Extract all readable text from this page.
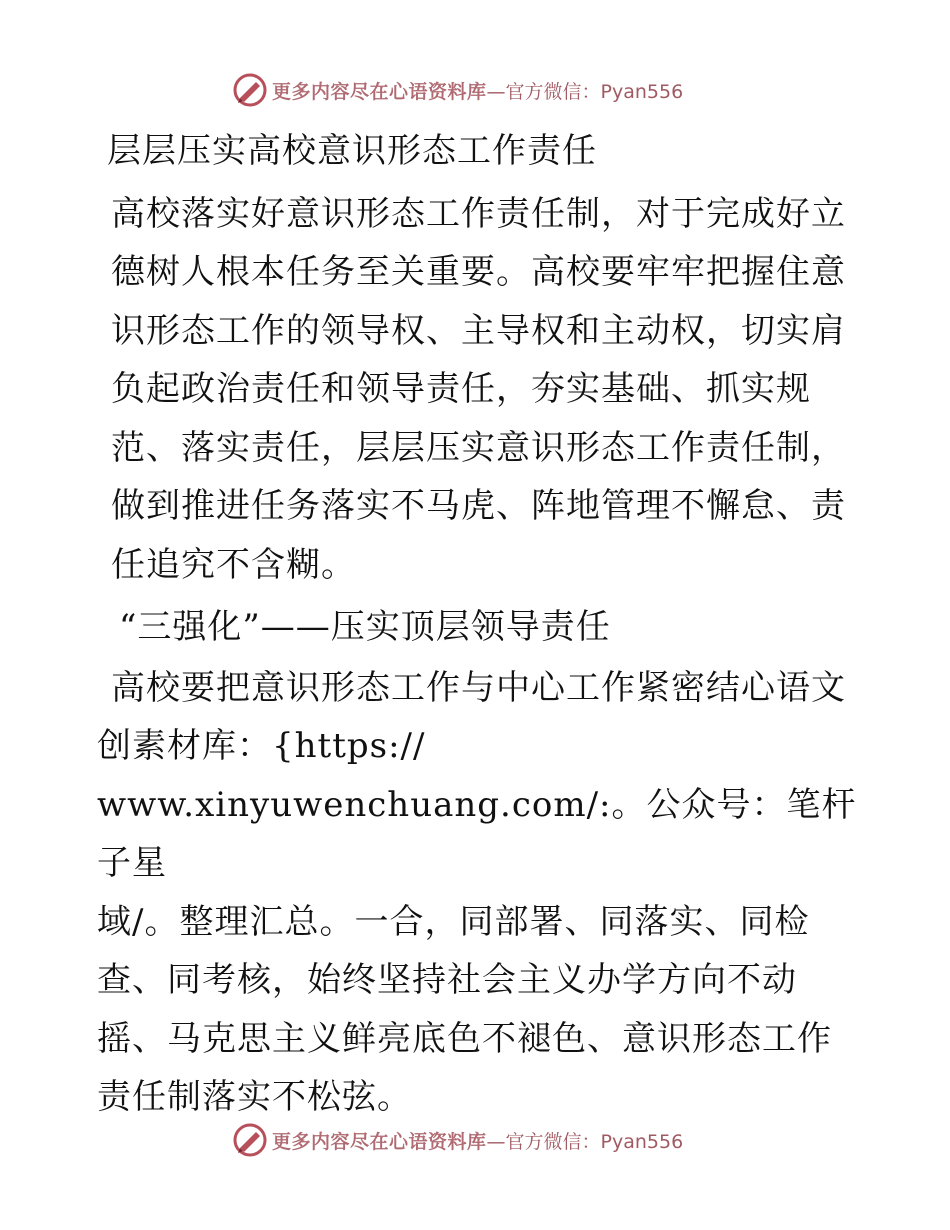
更多内容尽在心语资料库 —官方微信：Pyan556

层层压实高校意识形态工作责任

高校落实好意识形态工作责任制，对于完成好立德树人根本任务至关重要。高校要牢牢把握住意识形态工作的领导权、主导权和主动权，切实肩负起政治责任和领导责任，夯实基础、抓实规范、落实责任，层层压实意识形态工作责任制，做到推进任务落实不马虎、阵地管理不懈怠、责任追究不含糊。

“三强化”——压实顶层领导责任

高校要把意识形态工作与中心工作紧密结心语文

创素材库：{https://

www.xinyuwenchuang.com/:。公众号：笔杆子星

域/。整理汇总。一合，同部署、同落实、同检

查、同考核，始终坚持社会主义办学方向不动摇、马克思主义鲜亮底色不褪色、意识形态工作责任制落实不松弦。

更多内容尽在心语资料库 —官方微信：Pyan556
